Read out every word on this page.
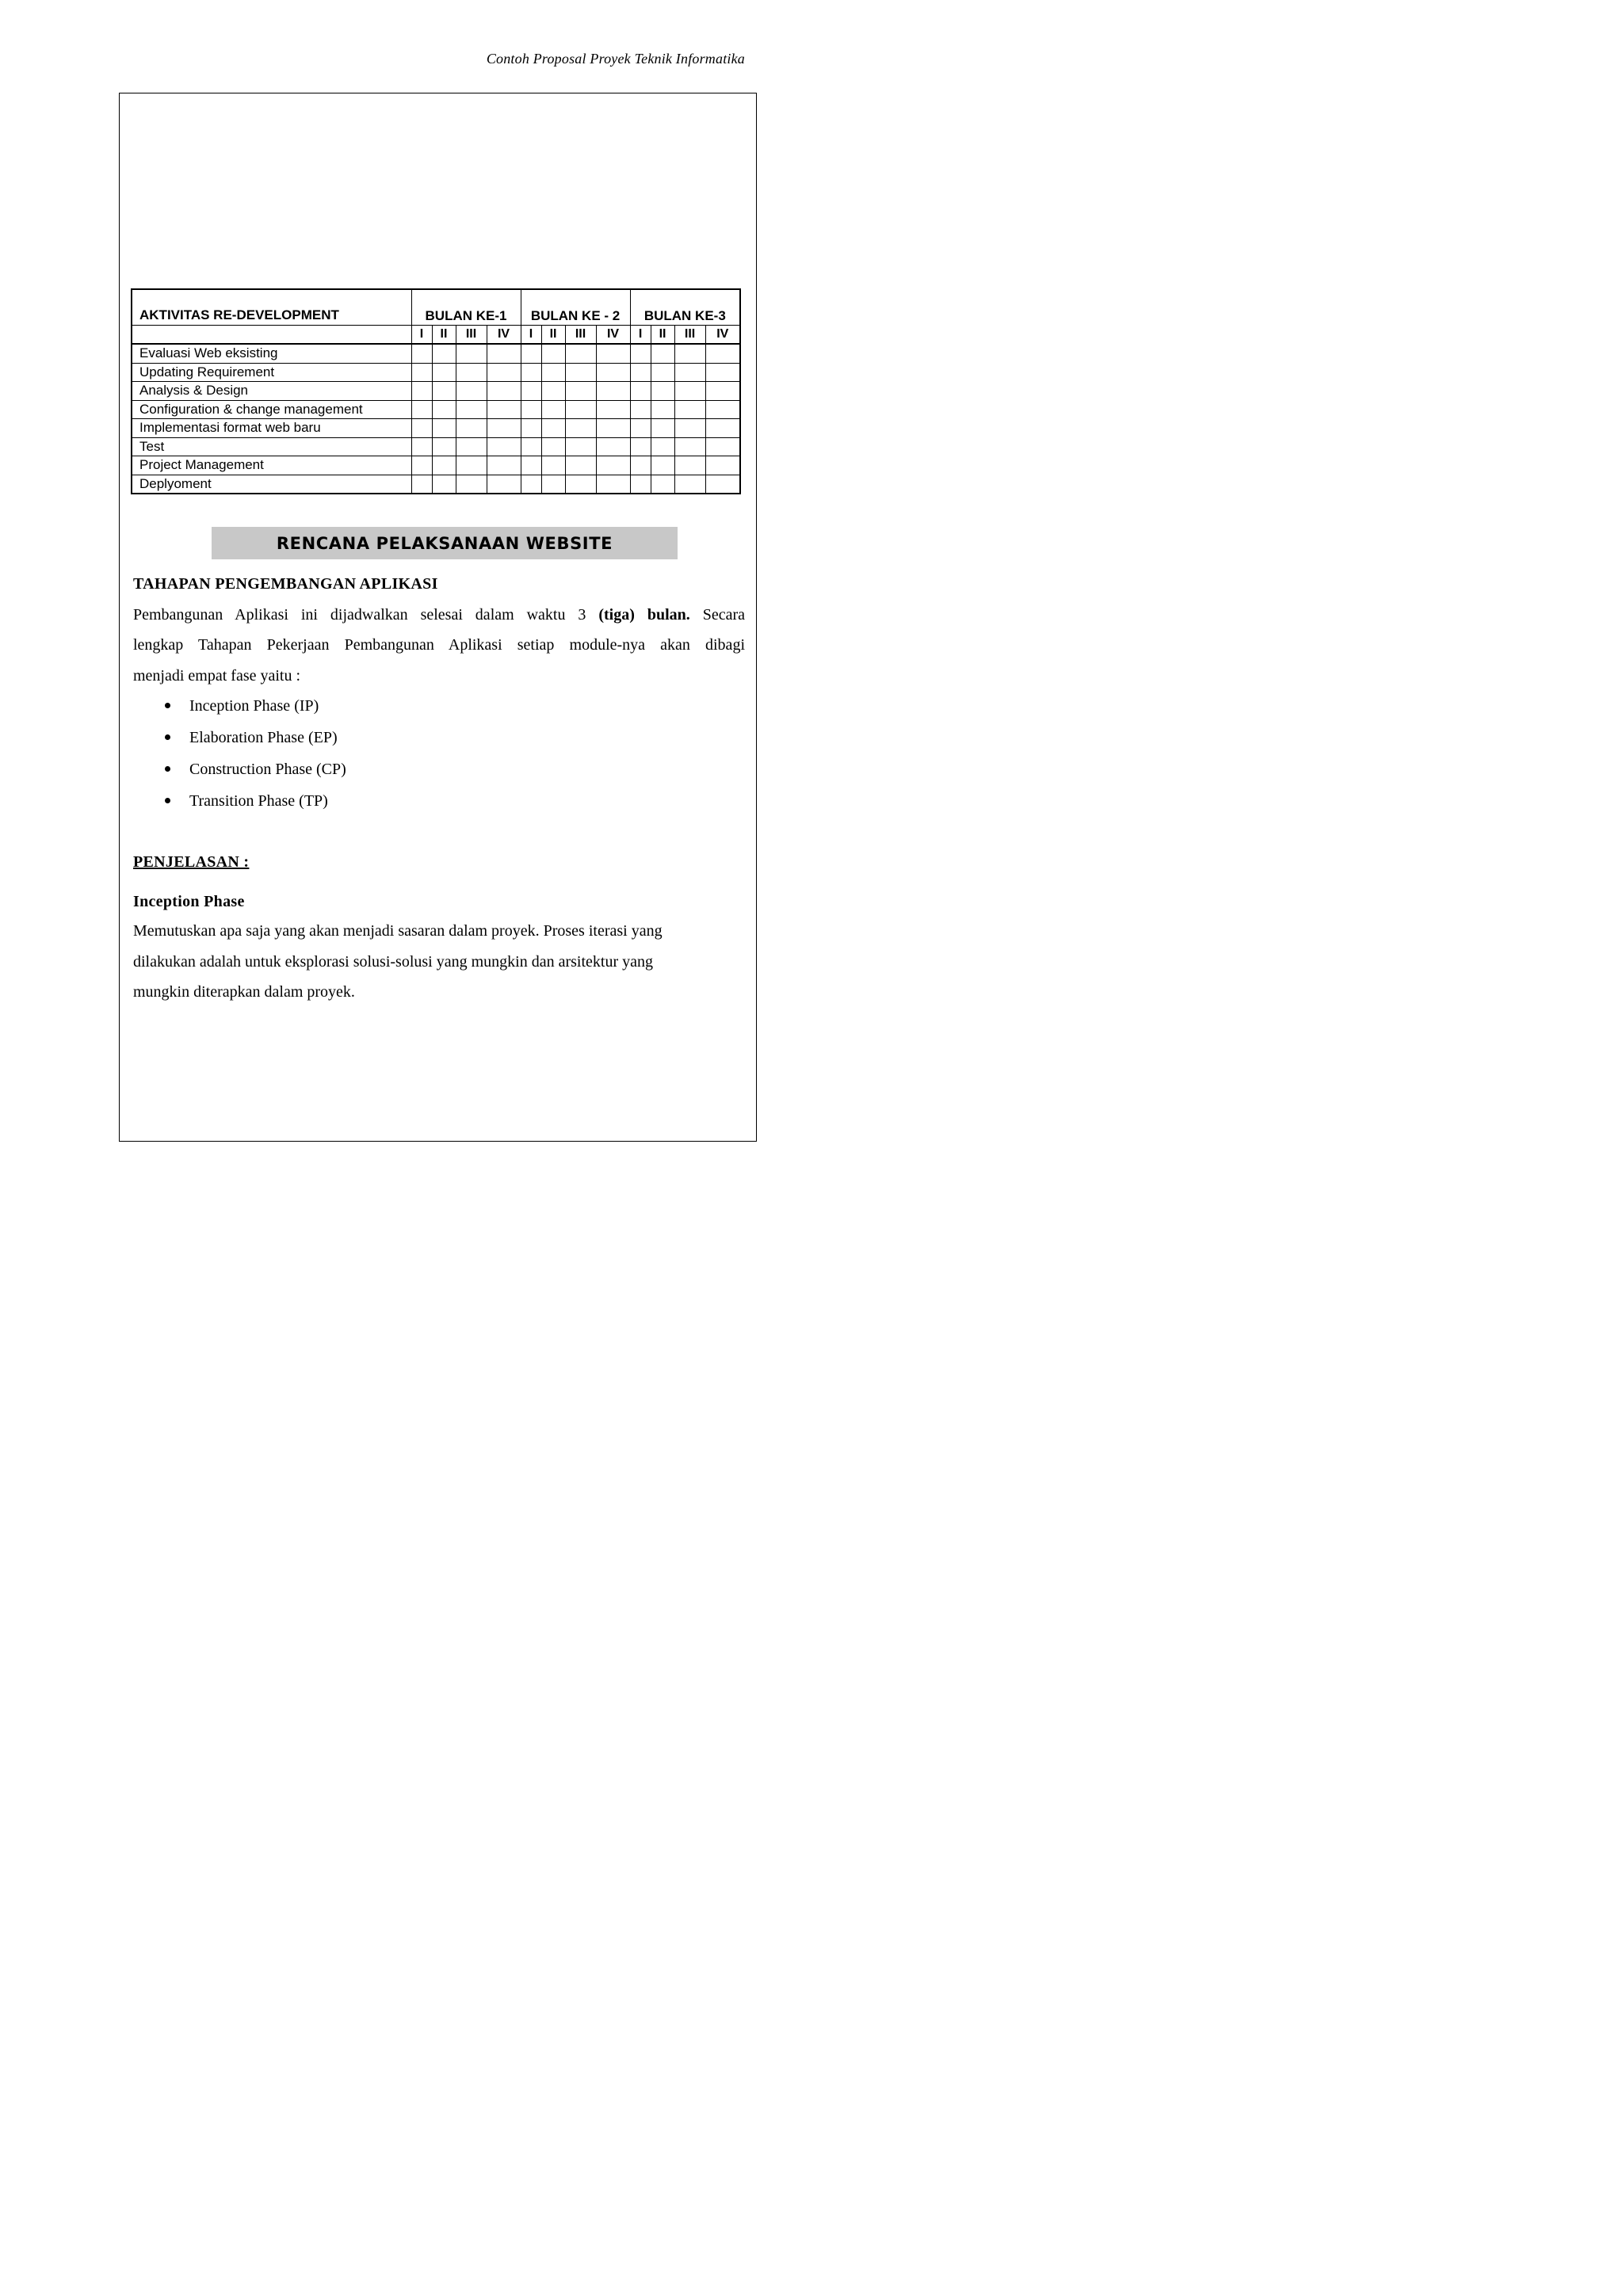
Contoh Proposal Proyek Teknik Informatika
AKTIVITAS RE-DEVELOPMENT	BULAN KE-1				BULAN KE - 2				BULAN KE-3			
	I	II	III	IV	I	II	III	IV	I	II	III	IV
Evaluasi Web eksisting												
Updating Requirement												
Analysis & Design												
Configuration & change management												
Implementasi format web baru												
Test												
Project Management												
Deplyoment												
RENCANA PELAKSANAAN WEBSITE
TAHAPAN PENGEMBANGAN APLIKASI
Pembangunan Aplikasi ini dijadwalkan selesai dalam waktu 3 (tiga) bulan. Secara
lengkap Tahapan Pekerjaan Pembangunan Aplikasi setiap module-nya akan dibagi
menjadi empat fase yaitu :
Inception Phase (IP)
Elaboration Phase (EP)
Construction Phase (CP)
Transition Phase (TP)
PENJELASAN :
Inception Phase
Memutuskan apa saja yang akan menjadi sasaran dalam proyek. Proses iterasi yang
dilakukan adalah untuk eksplorasi solusi-solusi yang mungkin dan arsitektur yang
mungkin diterapkan dalam proyek.
